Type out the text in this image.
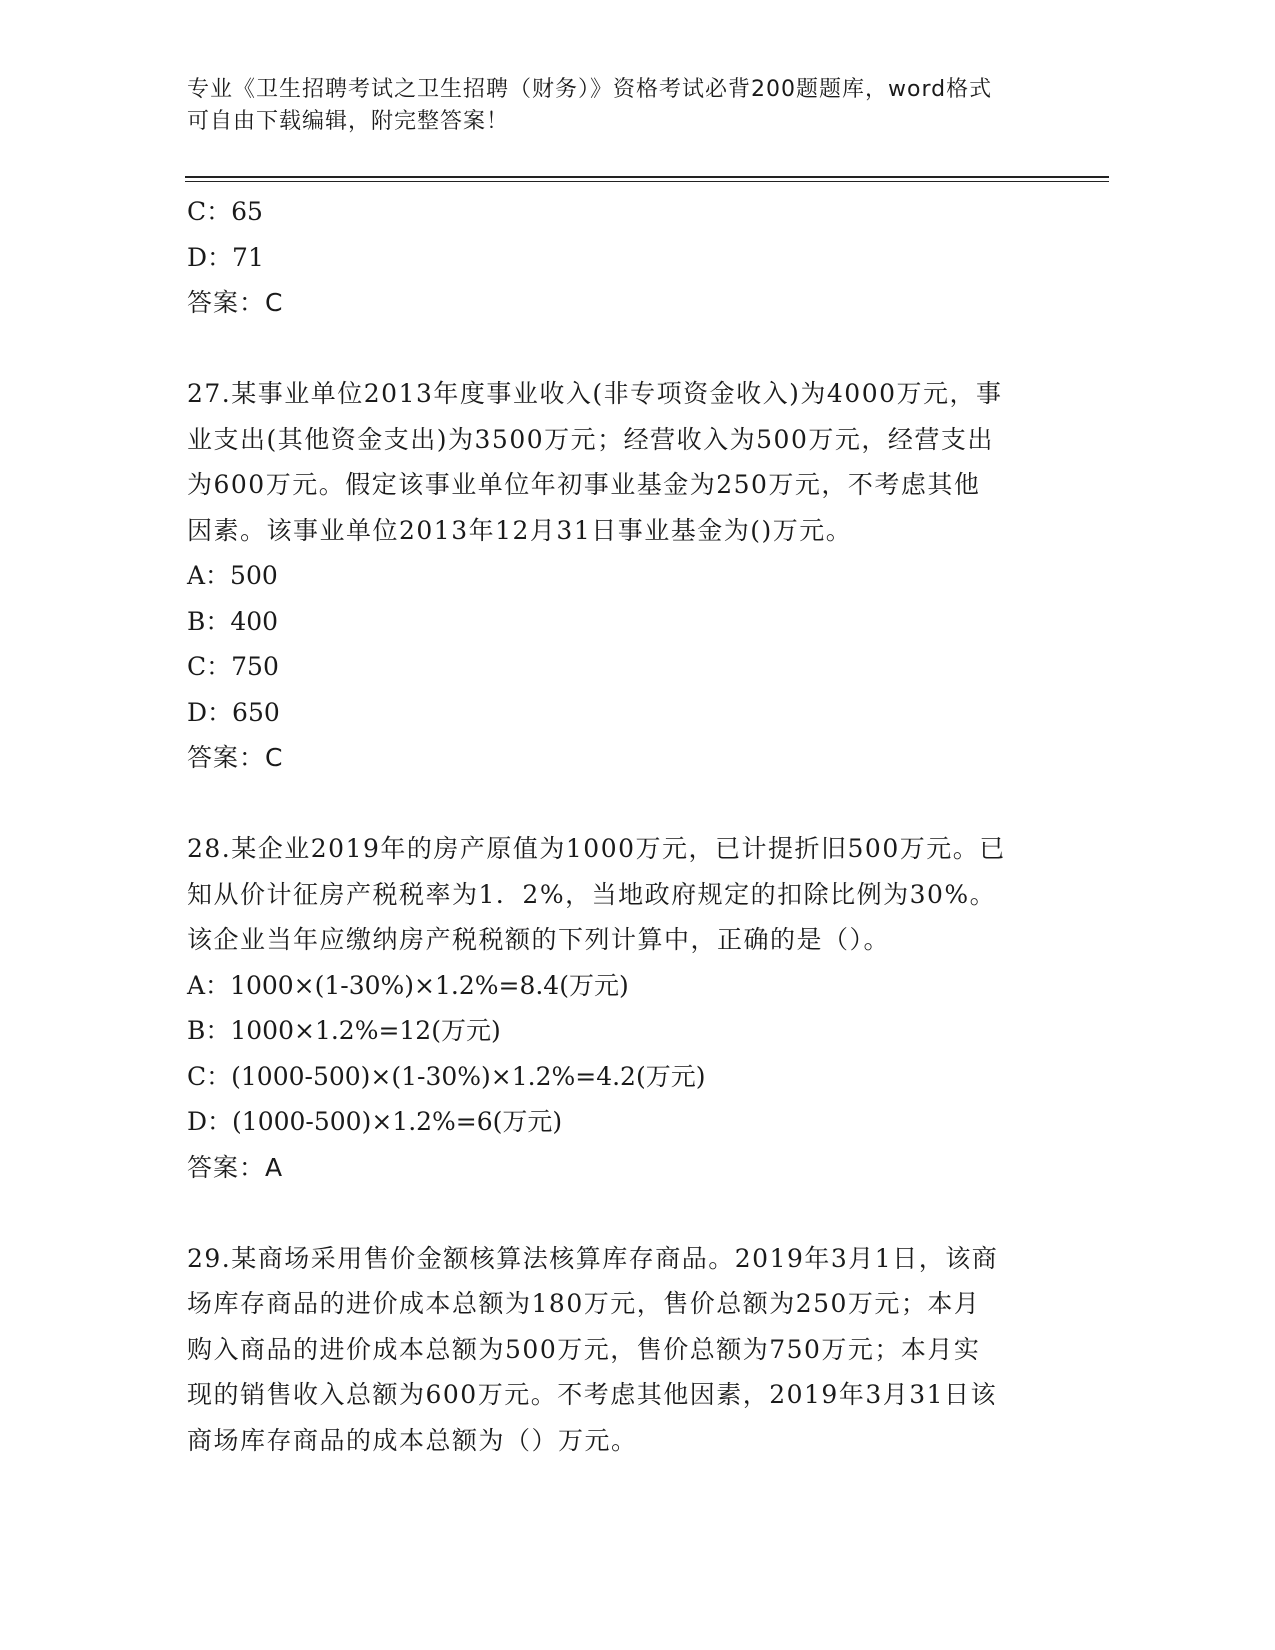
专业《卫生招聘考试之卫生招聘（财务）》资格考试必背200题题库，word格式
可自由下载编辑，附完整答案！
C：65
D：71
答案：C
27.某事业单位2013年度事业收入(非专项资金收入)为4000万元，事
业支出(其他资金支出)为3500万元；经营收入为500万元，经营支出
为600万元。假定该事业单位年初事业基金为250万元，不考虑其他
因素。该事业单位2013年12月31日事业基金为()万元。
A：500
B：400
C：750
D：650
答案：C
28.某企业2019年的房产原值为1000万元，已计提折旧500万元。已
知从价计征房产税税率为1．2%，当地政府规定的扣除比例为30%。
该企业当年应缴纳房产税税额的下列计算中，正确的是（）。
A：1000×(1-30%)×1.2%=8.4(万元)
B：1000×1.2%=12(万元)
C：(1000-500)×(1-30%)×1.2%=4.2(万元)
D：(1000-500)×1.2%=6(万元)
答案：A
29.某商场采用售价金额核算法核算库存商品。2019年3月1日，该商
场库存商品的进价成本总额为180万元，售价总额为250万元；本月
购入商品的进价成本总额为500万元，售价总额为750万元；本月实
现的销售收入总额为600万元。不考虑其他因素，2019年3月31日该
商场库存商品的成本总额为（）万元。
